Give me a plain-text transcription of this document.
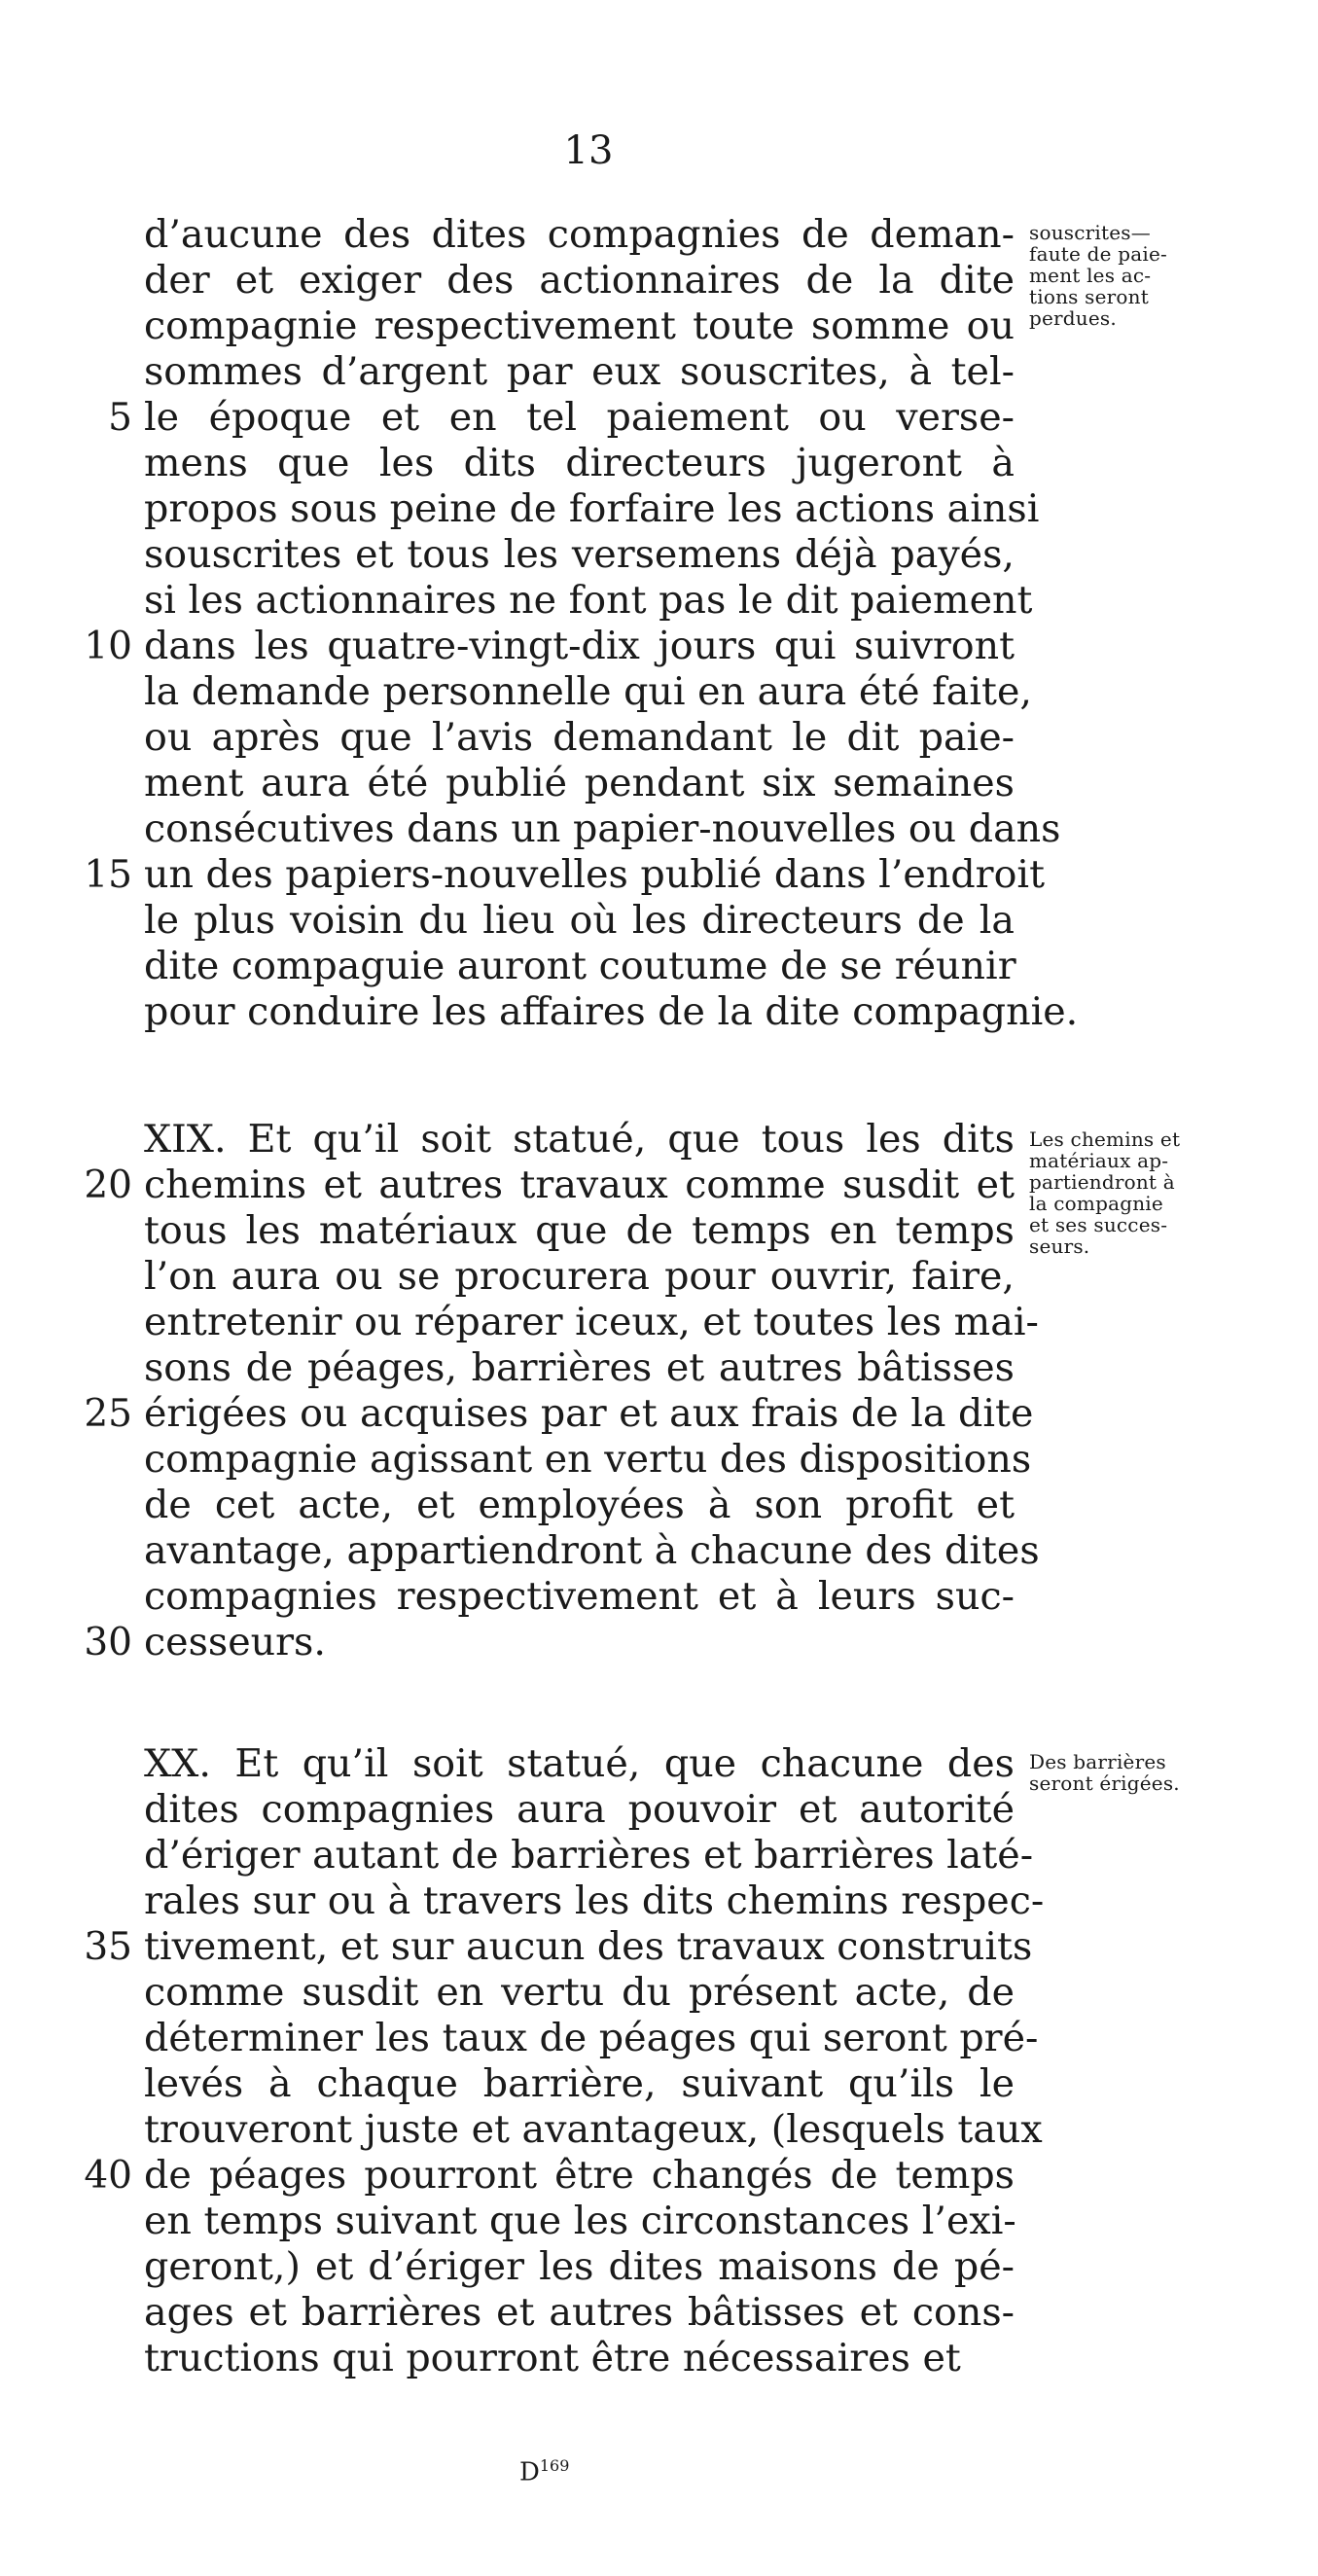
13
d’aucune des dites compagnies de deman-
der et exiger des actionnaires de la dite
compagnie respectivement toute somme ou
sommes d’argent par eux souscrites, à tel-
le époque et en tel paiement ou verse-
5
mens que les dits directeurs jugeront à
propos sous peine de forfaire les actions ainsi
souscrites et tous les versemens déjà payés,
si les actionnaires ne font pas le dit paiement
dans les quatre-vingt-dix jours qui suivront
10
la demande personnelle qui en aura été faite,
ou après que l’avis demandant le dit paie-
ment aura été publié pendant six semaines
consécutives dans un papier-nouvelles ou dans
un des papiers-nouvelles publié dans l’endroit
15
le plus voisin du lieu où les directeurs de la
dite compaguie auront coutume de se réunir
pour conduire les affaires de la dite compagnie.
souscrites—
faute de paie-
ment les ac-
tions seront
perdues.
XIX. Et qu’il soit statué, que tous les dits
chemins et autres travaux comme susdit et
20
tous les matériaux que de temps en temps
l’on aura ou se procurera pour ouvrir, faire,
entretenir ou réparer iceux, et toutes les mai-
sons de péages, barrières et autres bâtisses
érigées ou acquises par et aux frais de la dite
25
compagnie agissant en vertu des dispositions
de cet acte, et employées à son profit et
avantage, appartiendront à chacune des dites
compagnies respectivement et à leurs suc-
cesseurs.
30
Les chemins et
matériaux ap-
partiendront à
la compagnie
et ses succes-
seurs.
XX. Et qu’il soit statué, que chacune des
dites compagnies aura pouvoir et autorité
d’ériger autant de barrières et barrières laté-
rales sur ou à travers les dits chemins respec-
tivement, et sur aucun des travaux construits
35
comme susdit en vertu du présent acte, de
déterminer les taux de péages qui seront pré-
levés à chaque barrière, suivant qu’ils le
trouveront juste et avantageux, (lesquels taux
de péages pourront être changés de temps
40
en temps suivant que les circonstances l’exi-
geront,) et d’ériger les dites maisons de pé-
ages et barrières et autres bâtisses et cons-
tructions qui pourront être nécessaires et
Des barrières
seront érigées.
$D^{169}$
